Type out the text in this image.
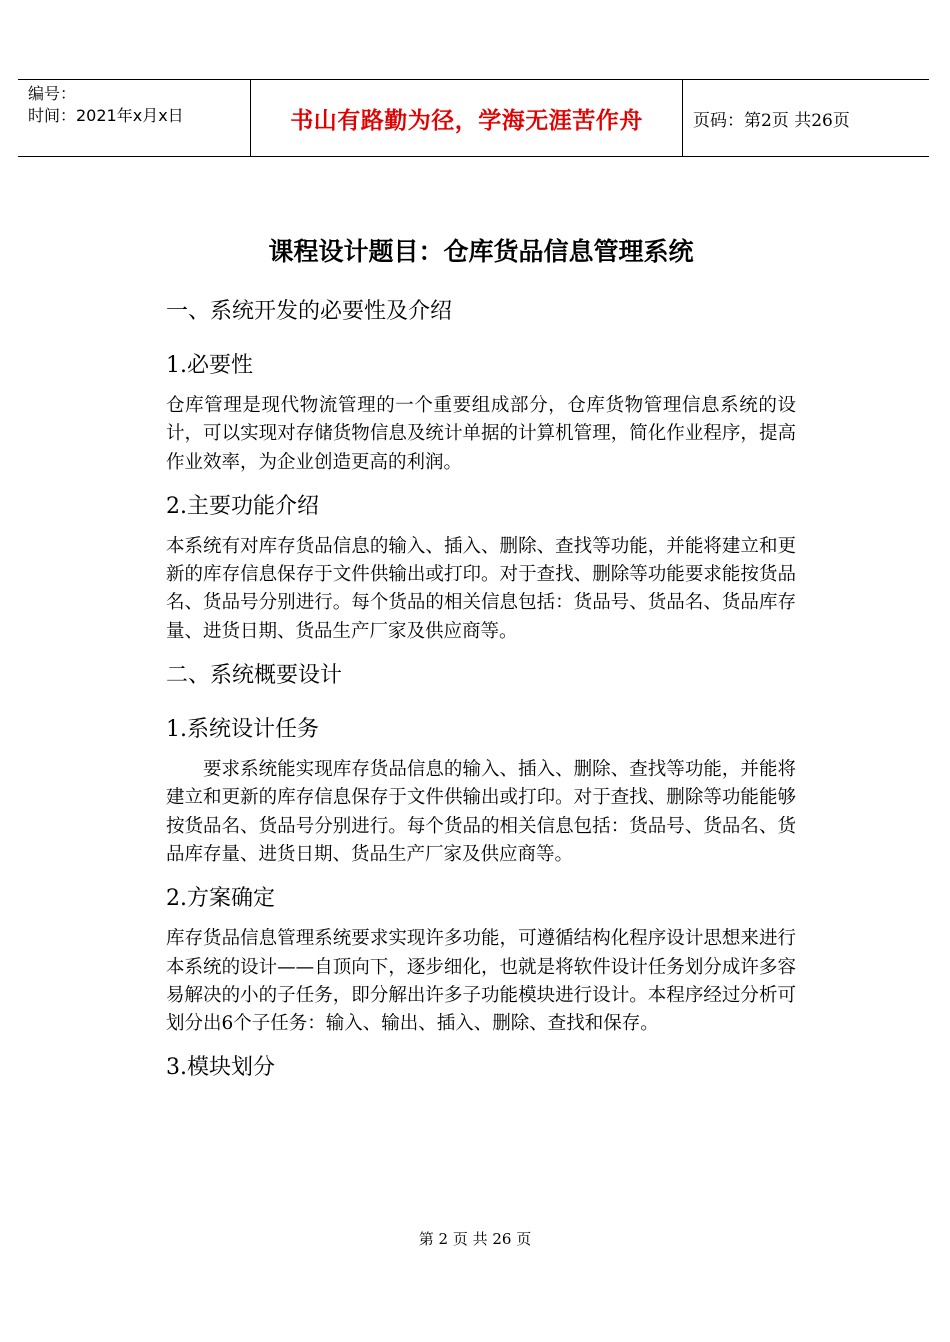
编号：
时间：2021年x月x日	书山有路勤为径，学海无涯苦作舟	页码：第2页 共26页
课程设计题目：仓库货品信息管理系统
一、系统开发的必要性及介绍
1.必要性
仓库管理是现代物流管理的一个重要组成部分，仓库货物管理信息系统的设计，可以实现对存储货物信息及统计单据的计算机管理，简化作业程序，提高作业效率，为企业创造更高的利润。
2.主要功能介绍
本系统有对库存货品信息的输入、插入、删除、查找等功能，并能将建立和更新的库存信息保存于文件供输出或打印。对于查找、删除等功能要求能按货品名、货品号分别进行。每个货品的相关信息包括：货品号、货品名、货品库存量、进货日期、货品生产厂家及供应商等。
二、系统概要设计
1.系统设计任务
要求系统能实现库存货品信息的输入、插入、删除、查找等功能，并能将建立和更新的库存信息保存于文件供输出或打印。对于查找、删除等功能能够按货品名、货品号分别进行。每个货品的相关信息包括：货品号、货品名、货品库存量、进货日期、货品生产厂家及供应商等。
2.方案确定
库存货品信息管理系统要求实现许多功能，可遵循结构化程序设计思想来进行本系统的设计——自顶向下，逐步细化，也就是将软件设计任务划分成许多容易解决的小的子任务，即分解出许多子功能模块进行设计。本程序经过分析可划分出6个子任务：输入、输出、插入、删除、查找和保存。
3.模块划分
第 2 页 共 26 页
